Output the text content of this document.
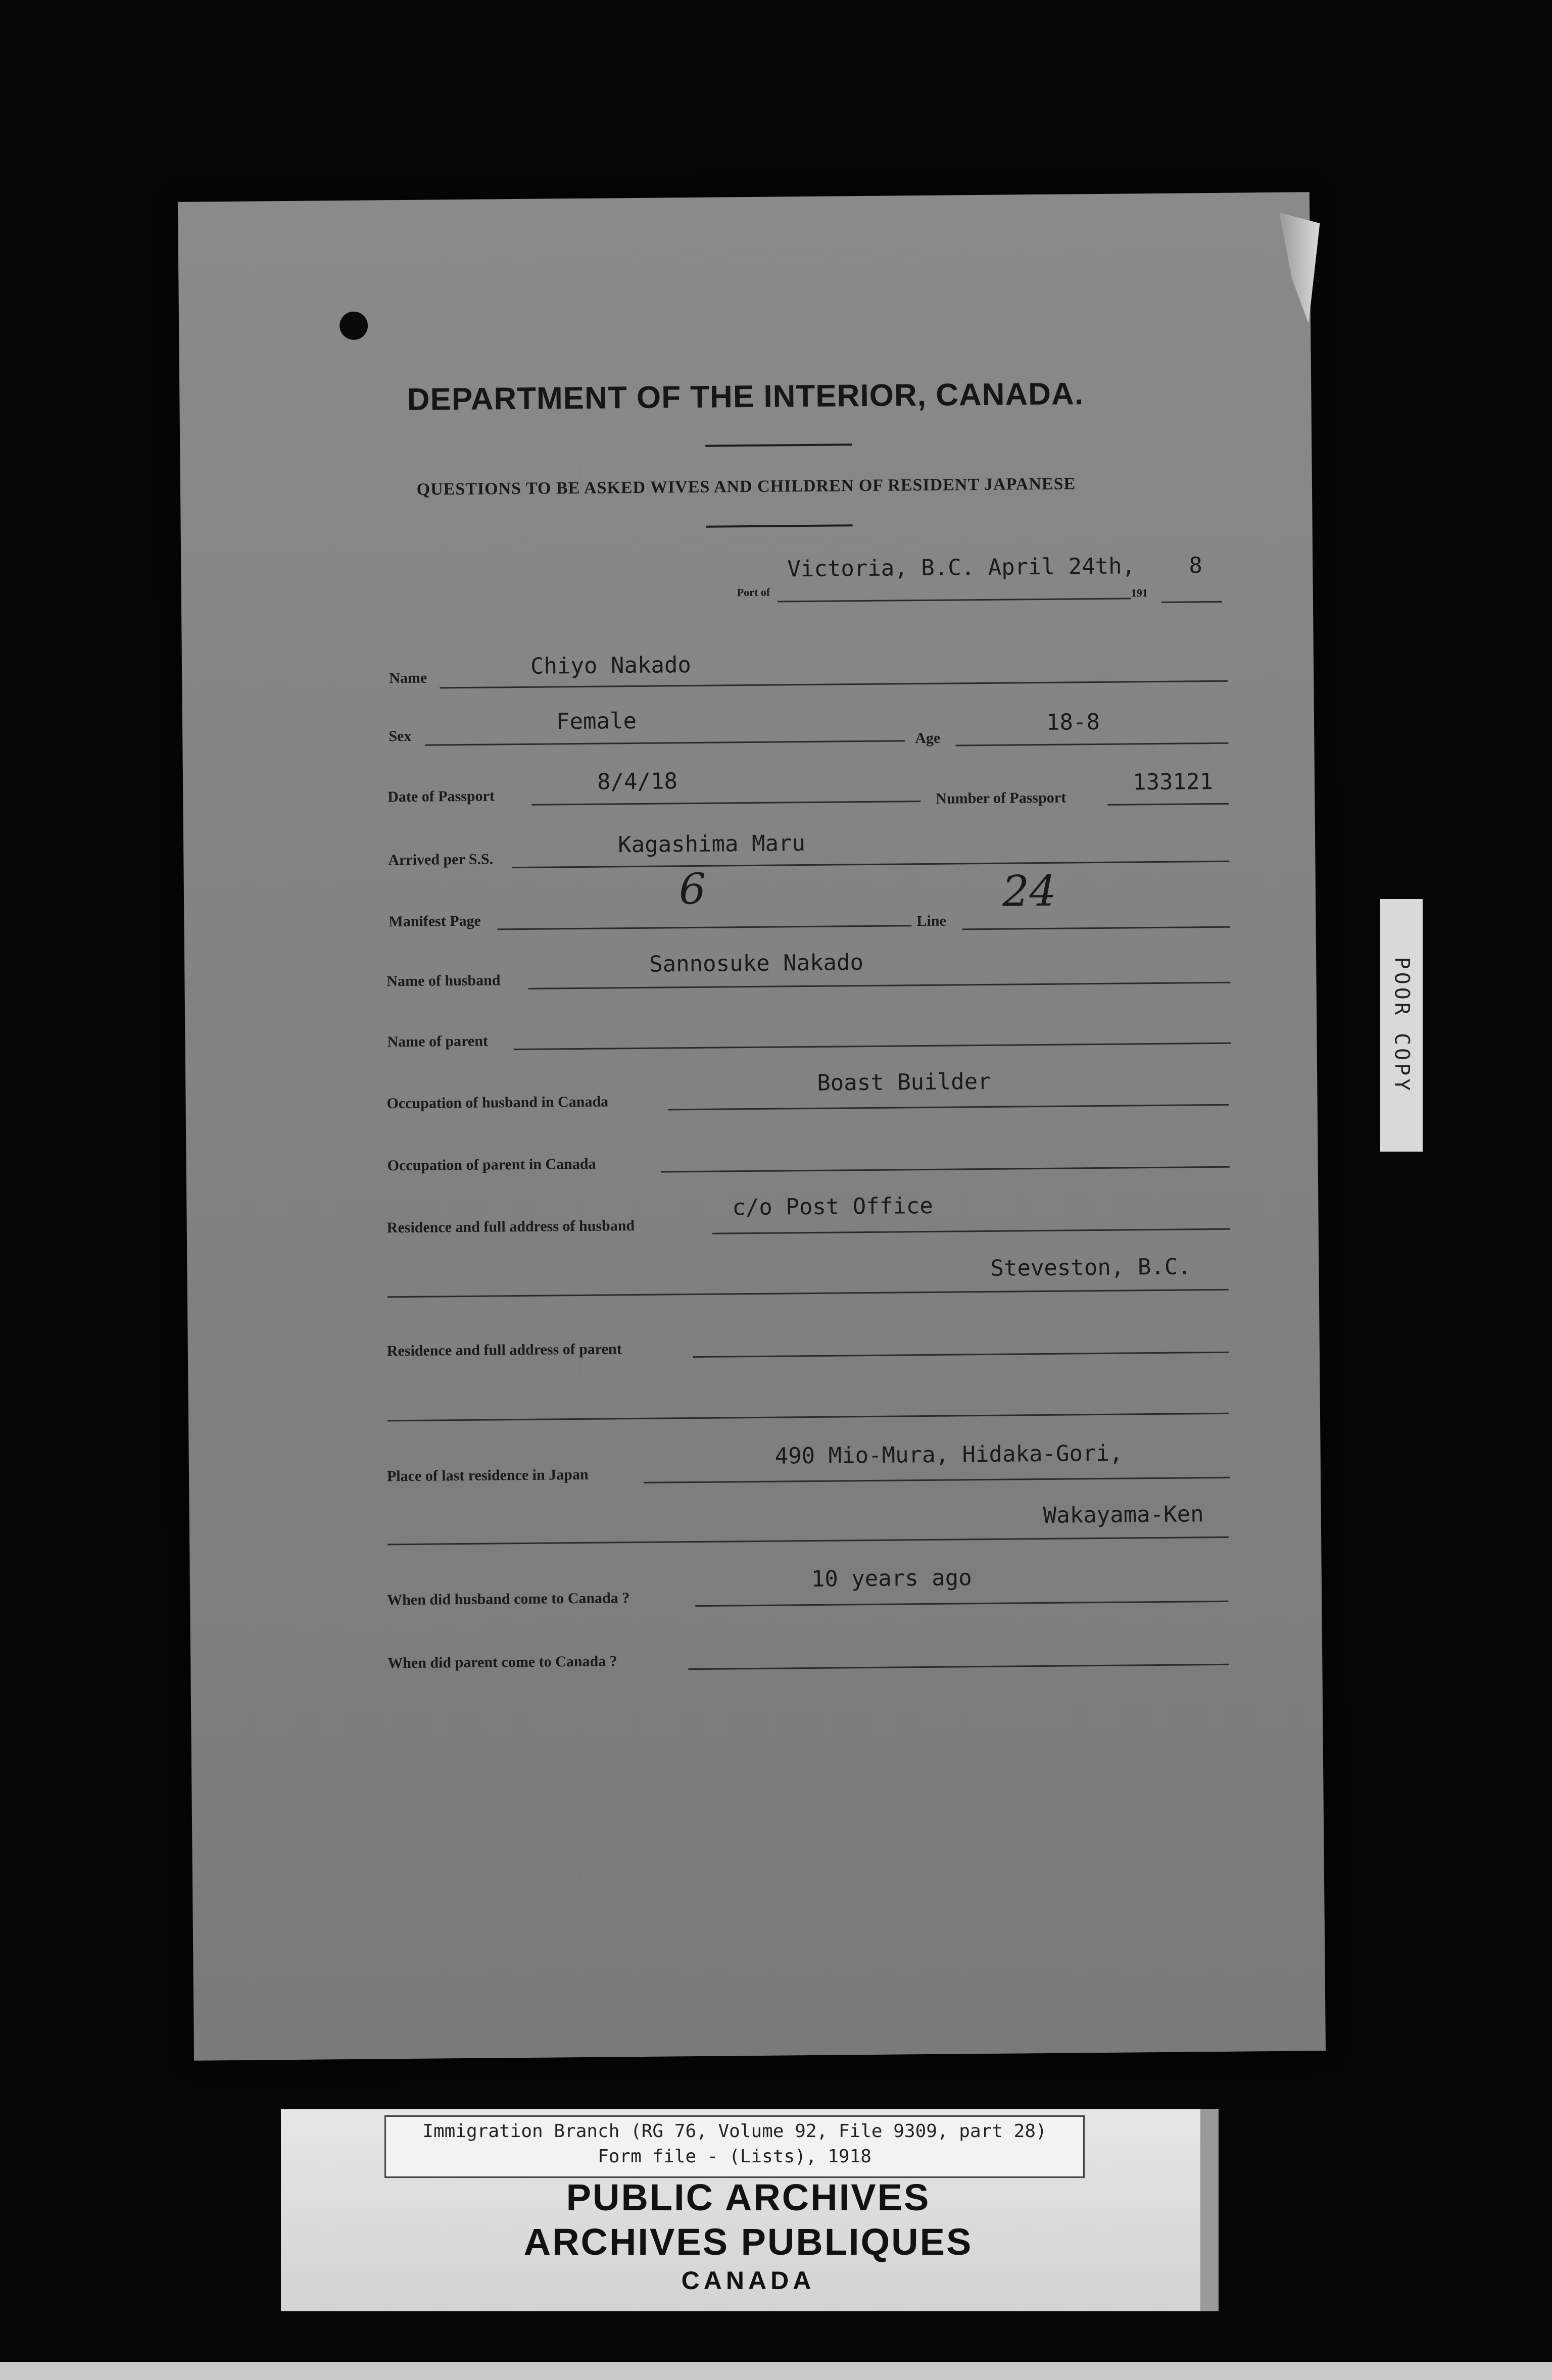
DEPARTMENT OF THE INTERIOR, CANADA.
QUESTIONS TO BE ASKED WIVES AND CHILDREN OF RESIDENT JAPANESE
Port of
Victoria, B.C. April 24th,
191
8
Name	Chiyo Nakado
Sex
Female
Age
18-8
Date of Passport
8/4/18
Number of Passport
133121
Arrived per S.S.
Kagashima Maru
Manifest Page
6
Line
24
Name of husband
Sannosuke Nakado
Name of parent
Occupation of husband in Canada
Boast Builder
Occupation of parent in Canada
Residence and full address of husband
c/o Post Office
Steveston, B.C.
Residence and full address of parent
Place of last residence in Japan
490 Mio-Mura, Hidaka-Gori,
Wakayama-Ken
When did husband come to Canada ?
10 years ago
When did parent come to Canada ?
POOR COPY
Immigration Branch (RG 76, Volume 92, File 9309, part 28)
Form file - (Lists), 1918
PUBLIC ARCHIVES
ARCHIVES PUBLIQUES
CANADA
